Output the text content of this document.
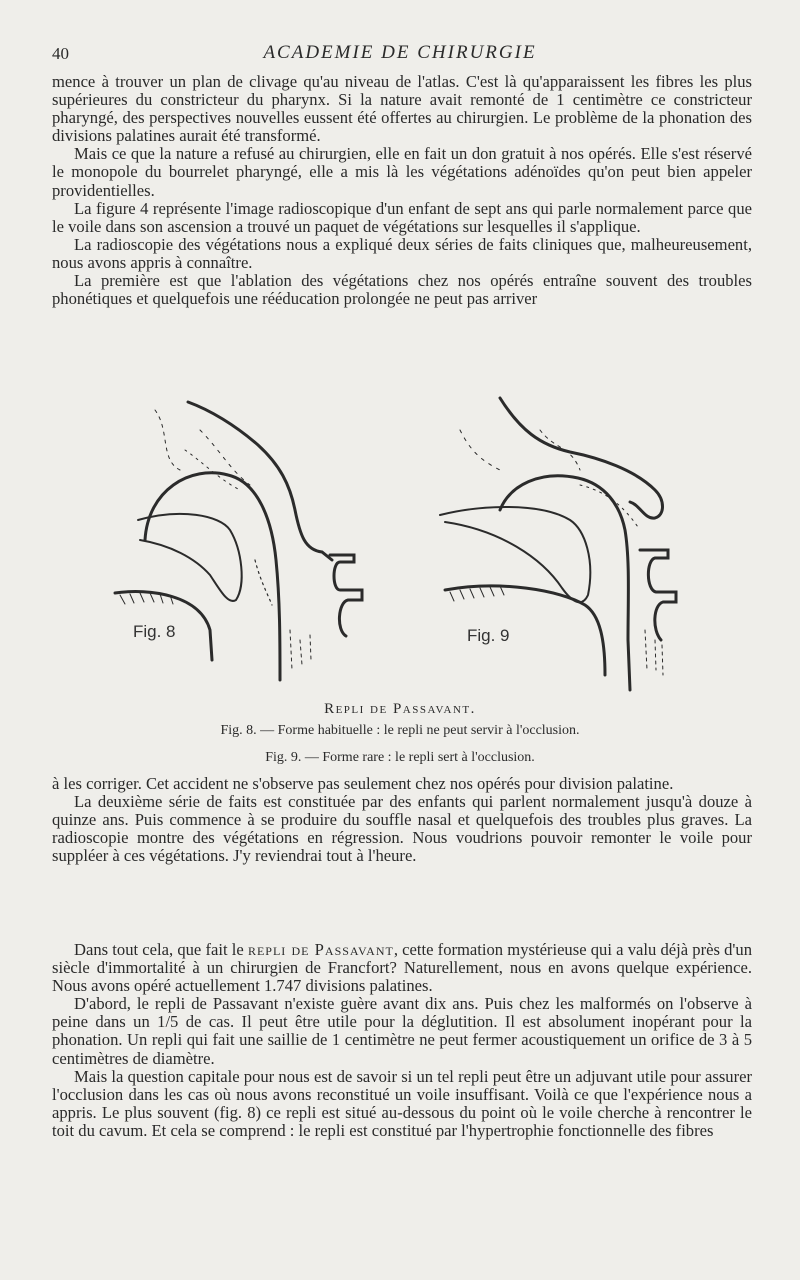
40	ACADEMIE DE CHIRURGIE

mence à trouver un plan de clivage qu'au niveau de l'atlas. C'est là qu'apparaissent les fibres les plus supérieures du constricteur du pharynx. Si la nature avait remonté de 1 centimètre ce constricteur pharyngé, des perspectives nouvelles eussent été offertes au chirurgien. Le problème de la phonation des divisions palatines aurait été transformé.

Mais ce que la nature a refusé au chirurgien, elle en fait un don gratuit à nos opérés. Elle s'est réservé le monopole du bourrelet pharyngé, elle a mis là les végétations adénoïdes qu'on peut bien appeler providentielles.

La figure 4 représente l'image radioscopique d'un enfant de sept ans qui parle normalement parce que le voile dans son ascension a trouvé un paquet de végétations sur lesquelles il s'applique.

La radioscopie des végétations nous a expliqué deux séries de faits cliniques que, malheureusement, nous avons appris à connaître.

La première est que l'ablation des végétations chez nos opérés entraîne souvent des troubles phonétiques et quelquefois une rééducation prolongée ne peut pas arriver

Fig. 8	Fig. 9
Repli de Passavant.
Fig. 8. — Forme habituelle : le repli ne peut servir à l'occlusion.
Fig. 9. — Forme rare : le repli sert à l'occlusion.

à les corriger. Cet accident ne s'observe pas seulement chez nos opérés pour division palatine.

La deuxième série de faits est constituée par des enfants qui parlent normalement jusqu'à douze à quinze ans. Puis commence à se produire du souffle nasal et quelquefois des troubles plus graves. La radioscopie montre des végétations en régression. Nous voudrions pouvoir remonter le voile pour suppléer à ces végétations. J'y reviendrai tout à l'heure.

Dans tout cela, que fait le repli de Passavant, cette formation mystérieuse qui a valu déjà près d'un siècle d'immortalité à un chirurgien de Francfort? Naturellement, nous en avons quelque expérience. Nous avons opéré actuellement 1.747 divisions palatines.

D'abord, le repli de Passavant n'existe guère avant dix ans. Puis chez les malformés on l'observe à peine dans un 1/5 de cas. Il peut être utile pour la déglutition. Il est absolument inopérant pour la phonation. Un repli qui fait une saillie de 1 centimètre ne peut fermer acoustiquement un orifice de 3 à 5 centimètres de diamètre.

Mais la question capitale pour nous est de savoir si un tel repli peut être un adjuvant utile pour assurer l'occlusion dans les cas où nous avons reconstitué un voile insuffisant. Voilà ce que l'expérience nous a appris. Le plus souvent (fig. 8) ce repli est situé au-dessous du point où le voile cherche à rencontrer le toit du cavum. Et cela se comprend : le repli est constitué par l'hypertrophie fonctionnelle des fibres
